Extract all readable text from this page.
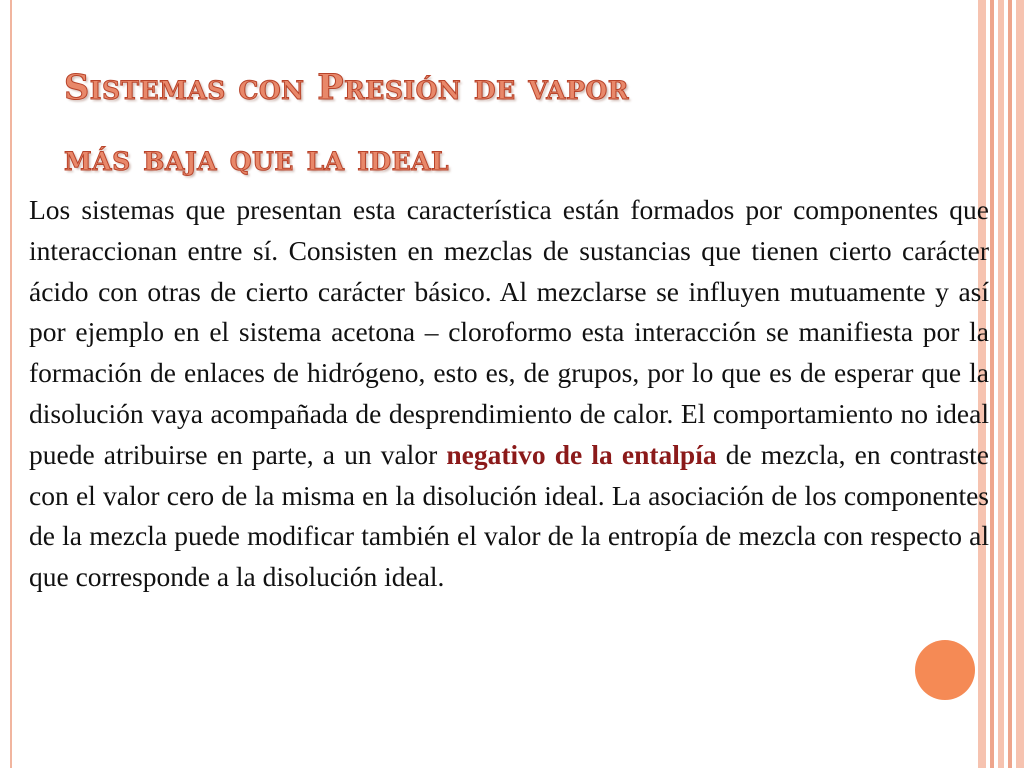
Sistemas con Presión de vapor
más baja que la ideal

Los sistemas que presentan esta característica están formados por componentes que interaccionan entre sí. Consisten en mezclas de sustancias que tienen cierto carácter ácido con otras de cierto carácter básico. Al mezclarse se influyen mutuamente y así por ejemplo en el sistema acetona – cloroformo esta interacción se manifiesta por la formación de enlaces de hidrógeno, esto es, de grupos, por lo que es de esperar que la disolución vaya acompañada de desprendimiento de calor. El comportamiento no ideal puede atribuirse en parte, a un valor negativo de la entalpía de mezcla, en contraste con el valor cero de la misma en la disolución ideal. La asociación de los componentes de la mezcla puede modificar también el valor de la entropía de mezcla con respecto al que corresponde a la disolución ideal.
